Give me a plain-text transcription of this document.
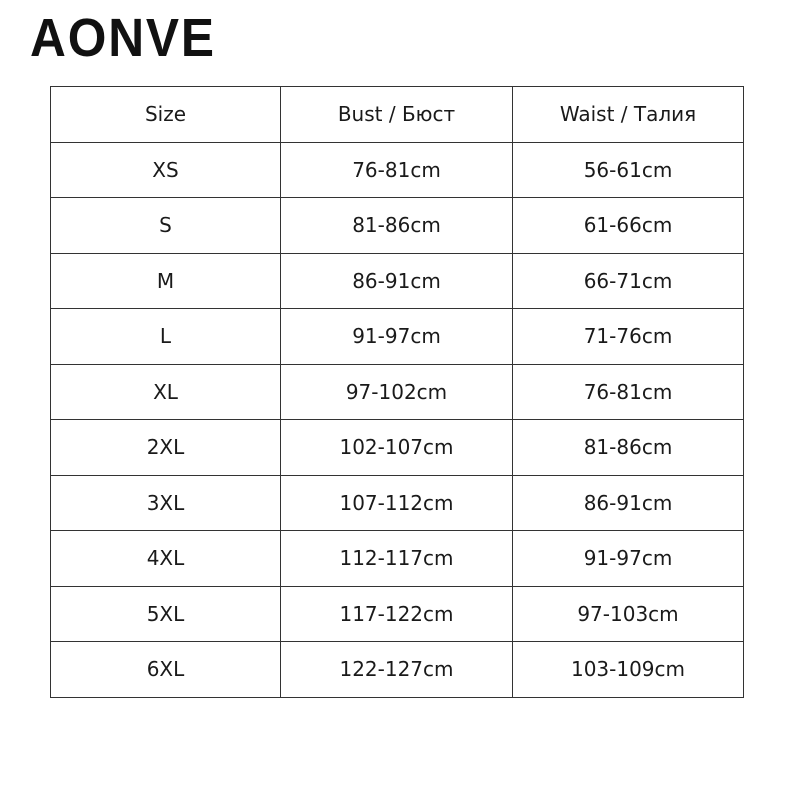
AONVE
Size	Bust / Бюст	Waist / Талия
XS	76-81cm	56-61cm
S	81-86cm	61-66cm
M	86-91cm	66-71cm
L	91-97cm	71-76cm
XL	97-102cm	76-81cm
2XL	102-107cm	81-86cm
3XL	107-112cm	86-91cm
4XL	112-117cm	91-97cm
5XL	117-122cm	97-103cm
6XL	122-127cm	103-109cm
